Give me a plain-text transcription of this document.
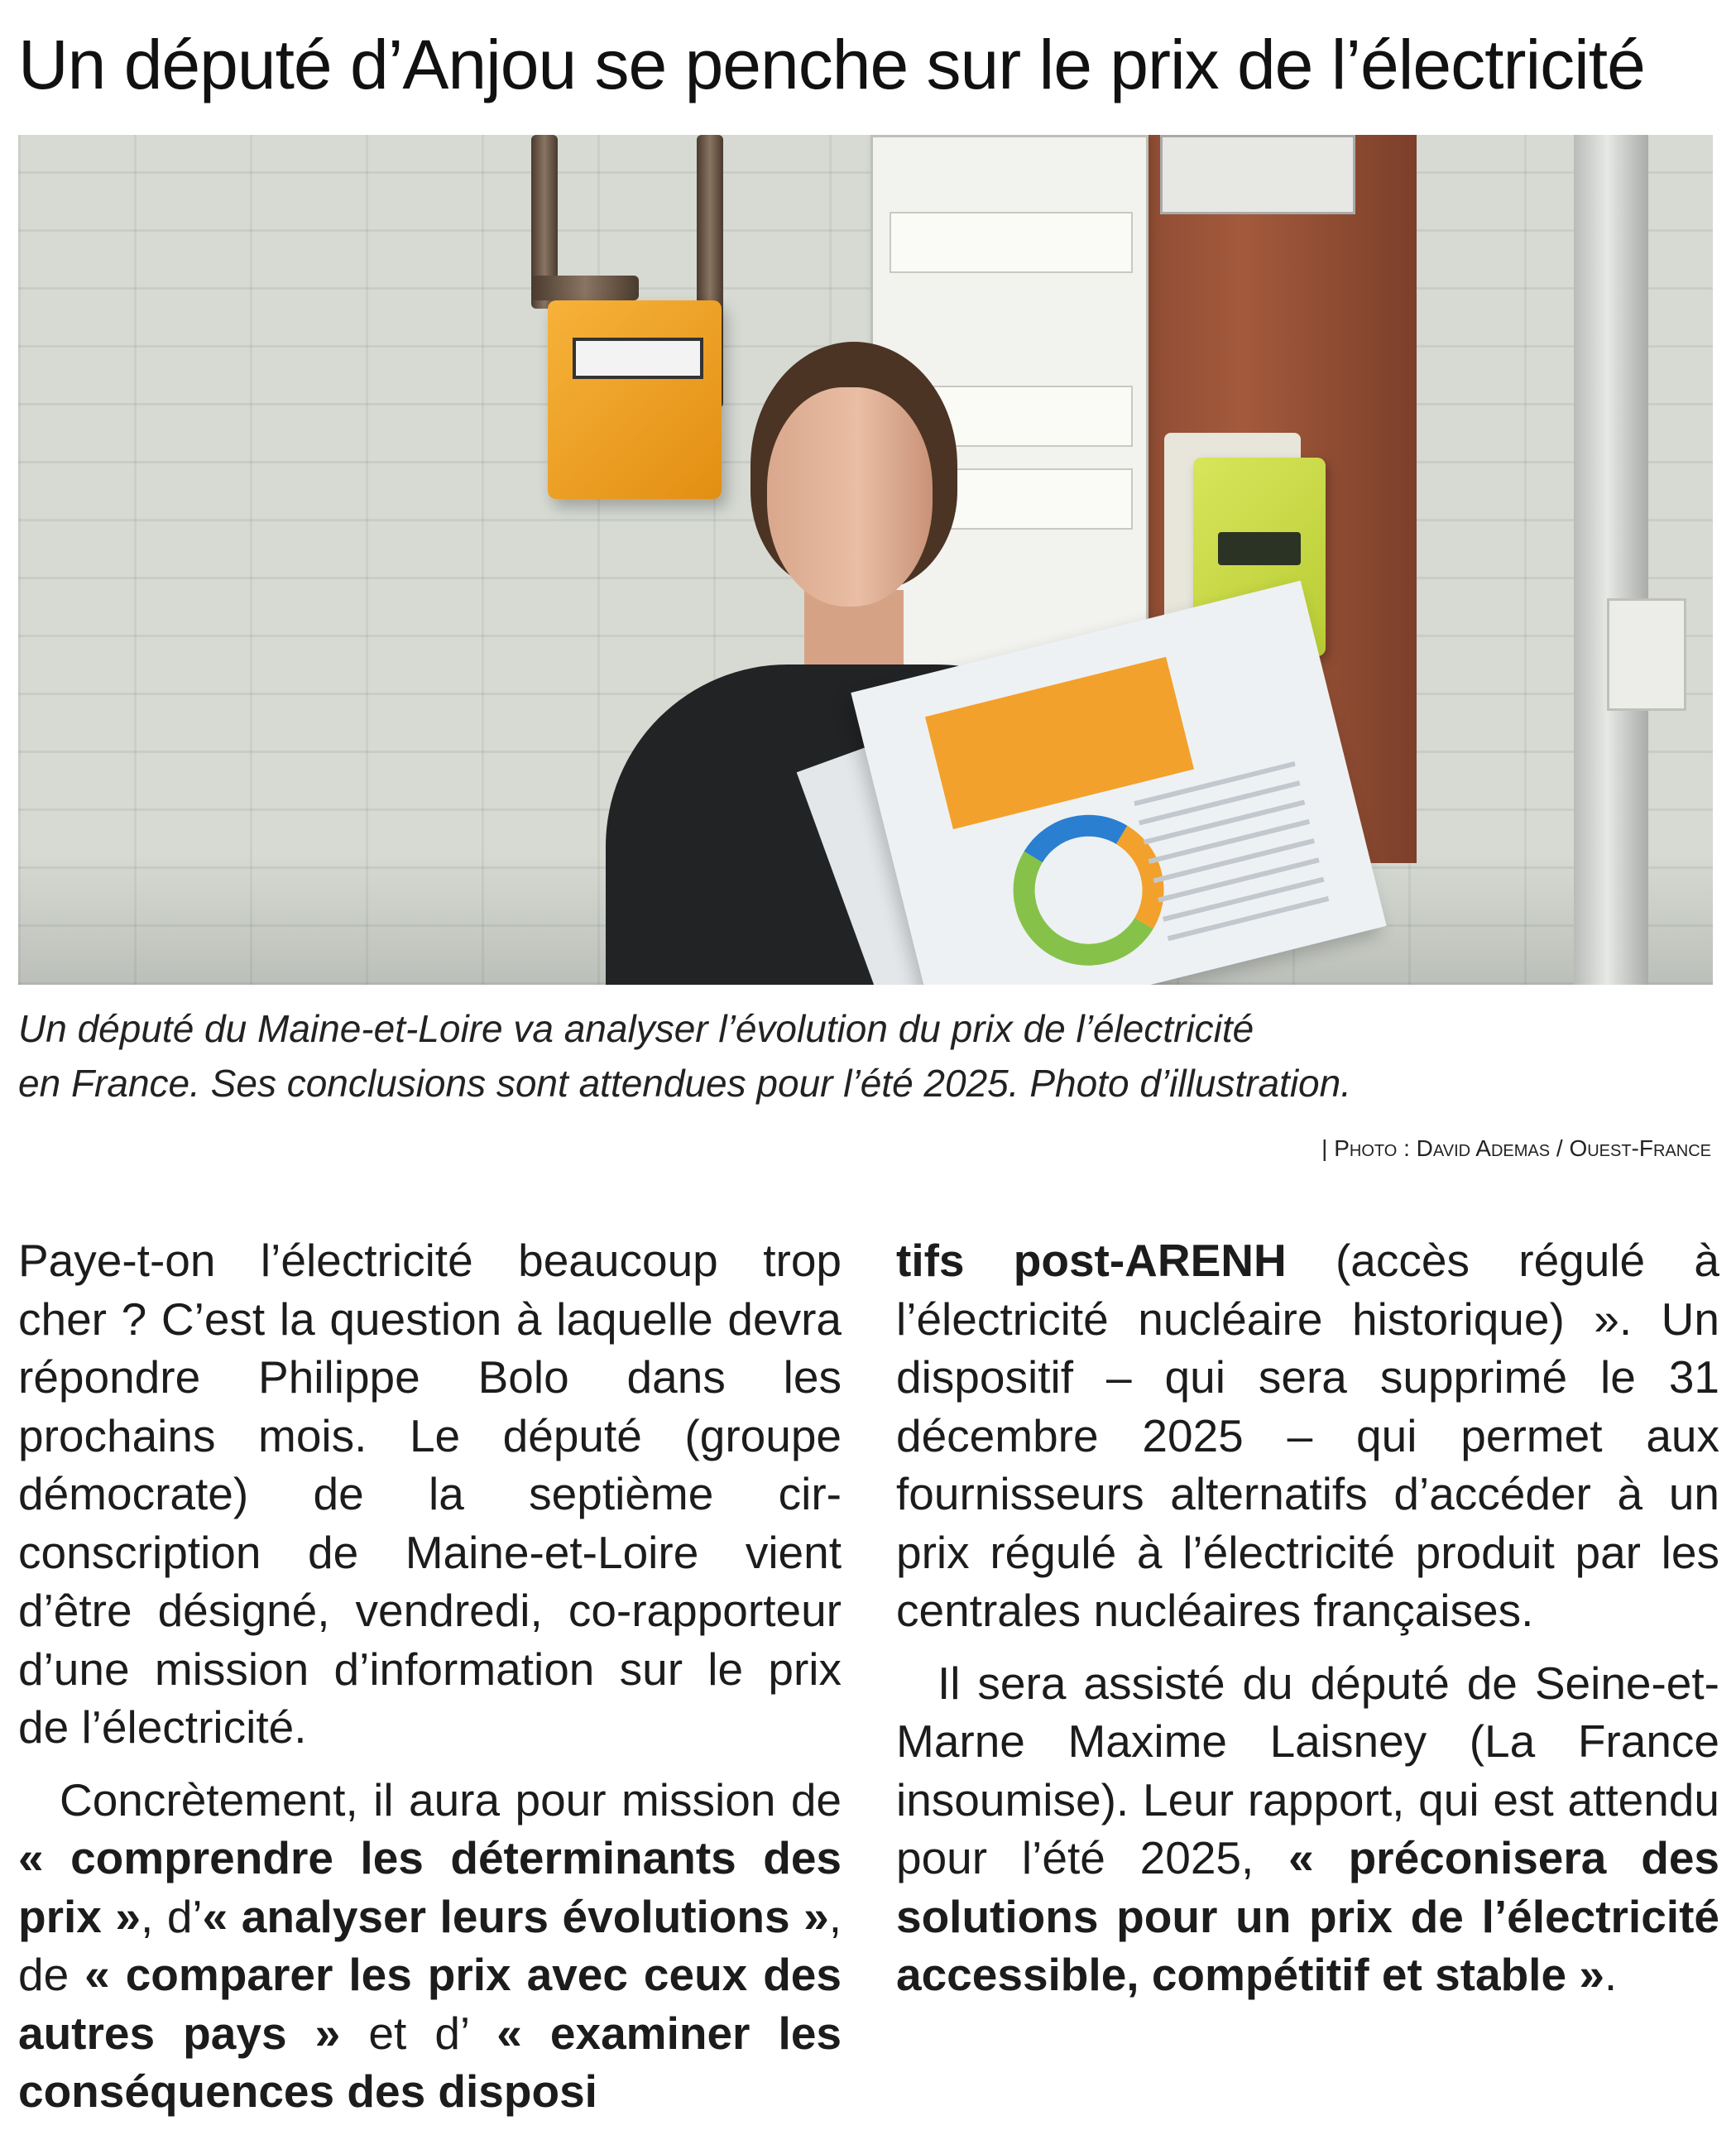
Un député d’Anjou se penche sur le prix de l’électricité
Un député du Maine-et-Loire va analyser l’évolution du prix de l’électricité
en France. Ses conclusions sont attendues pour l’été 2025. Photo d’illustration.
| Photo : David Ademas / Ouest-France

Paye-t-on l’électricité beaucoup trop cher ? C’est la question à laquelle devra répondre Philippe Bolo dans les prochains mois. Le député (groupe démocrate) de la septième circonscription de Maine-et-Loire vient d’être désigné, vendredi, co-rapporteur d’une mission d’information sur le prix de l’électricité.

Concrètement, il aura pour mission de « comprendre les déterminants des prix », d’« analyser leurs évolutions », de « comparer les prix avec ceux des autres pays » et d’ « examiner les conséquences des disposi

tifs post-ARENH (accès régulé à l’électricité nucléaire historique) ». Un dispositif – qui sera supprimé le 31 décembre 2025 – qui permet aux fournisseurs alternatifs d’accéder à un prix régulé à l’électricité produit par les centrales nucléaires françaises.

Il sera assisté du député de Seine-et-Marne Maxime Laisney (La France insoumise). Leur rapport, qui est attendu pour l’été 2025, « préconisera des solutions pour un prix de l’électricité accessible, compétitif et stable ».
